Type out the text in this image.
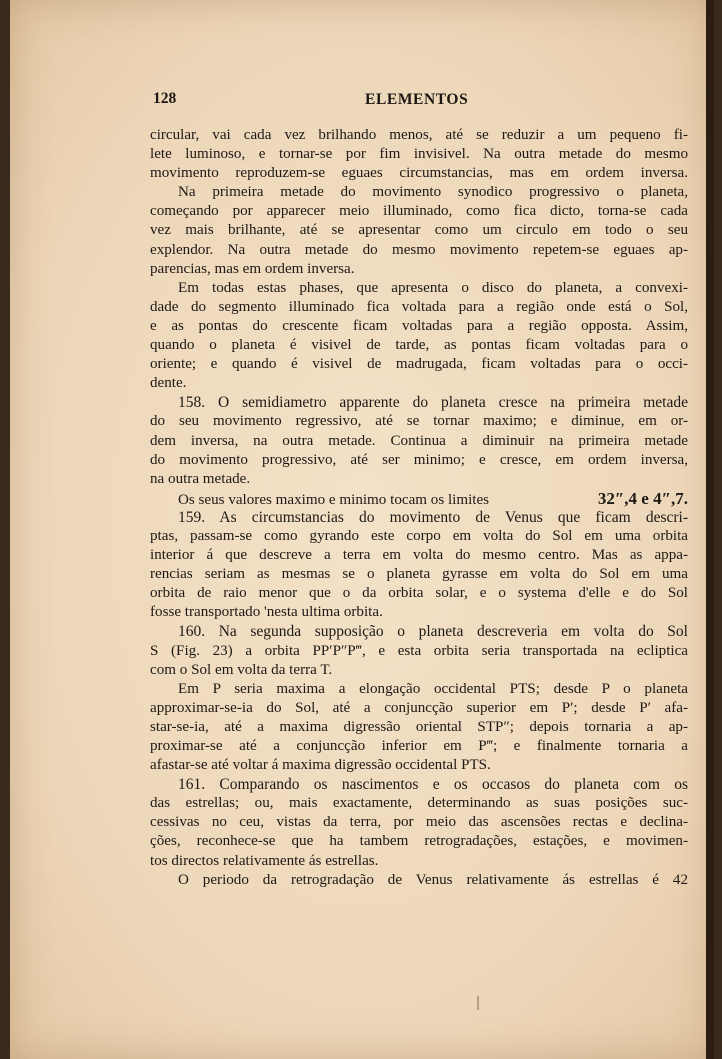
128	ELEMENTOS
circular, vai cada vez brilhando menos, até se reduzir a um pequeno fi-
lete luminoso, e tornar-se por fim invisivel. Na outra metade do mesmo
movimento reproduzem-se eguaes circumstancias, mas em ordem inversa.
Na primeira metade do movimento synodico progressivo o planeta,
começando por apparecer meio illuminado, como fica dicto, torna-se cada
vez mais brilhante, até se apresentar como um circulo em todo o seu
explendor. Na outra metade do mesmo movimento repetem-se eguaes ap-
parencias, mas em ordem inversa.
Em todas estas phases, que apresenta o disco do planeta, a convexi-
dade do segmento illuminado fica voltada para a região onde está o Sol,
e as pontas do crescente ficam voltadas para a região opposta. Assim,
quando o planeta é visivel de tarde, as pontas ficam voltadas para o
oriente; e quando é visivel de madrugada, ficam voltadas para o occi-
dente.
158. O semidiametro apparente do planeta cresce na primeira metade
do seu movimento regressivo, até se tornar maximo; e diminue, em or-
dem inversa, na outra metade. Continua a diminuir na primeira metade
do movimento progressivo, até ser minimo; e cresce, em ordem inversa,
na outra metade.
Os seus valores maximo e minimo tocam os limites	32″,4 e 4″,7.
159. As circumstancias do movimento de Venus que ficam descri-
ptas, passam-se como gyrando este corpo em volta do Sol em uma orbita
interior á que descreve a terra em volta do mesmo centro. Mas as appa-
rencias seriam as mesmas se o planeta gyrasse em volta do Sol em uma
orbita de raio menor que o da orbita solar, e o systema d'elle e do Sol
fosse transportado 'nesta ultima orbita.
160. Na segunda supposição o planeta descreveria em volta do Sol
S (Fig. 23) a orbita PP′P″P‴, e esta orbita seria transportada na ecliptica
com o Sol em volta da terra T.
Em P seria maxima a elongação occidental PTS; desde P o planeta
approximar-se-ia do Sol, até a conjuncção superior em P′; desde P′ afa-
star-se-ia, até a maxima digressão oriental STP″; depois tornaria a ap-
proximar-se até a conjuncção inferior em P‴; e finalmente tornaria a
afastar-se até voltar á maxima digressão occidental PTS.
161. Comparando os nascimentos e os occasos do planeta com os
das estrellas; ou, mais exactamente, determinando as suas posições suc-
cessivas no ceu, vistas da terra, por meio das ascensões rectas e declina-
ções, reconhece-se que ha tambem retrogradações, estações, e movimen-
tos directos relativamente ás estrellas.
O periodo da retrogradação de Venus relativamente ás estrellas é 42
